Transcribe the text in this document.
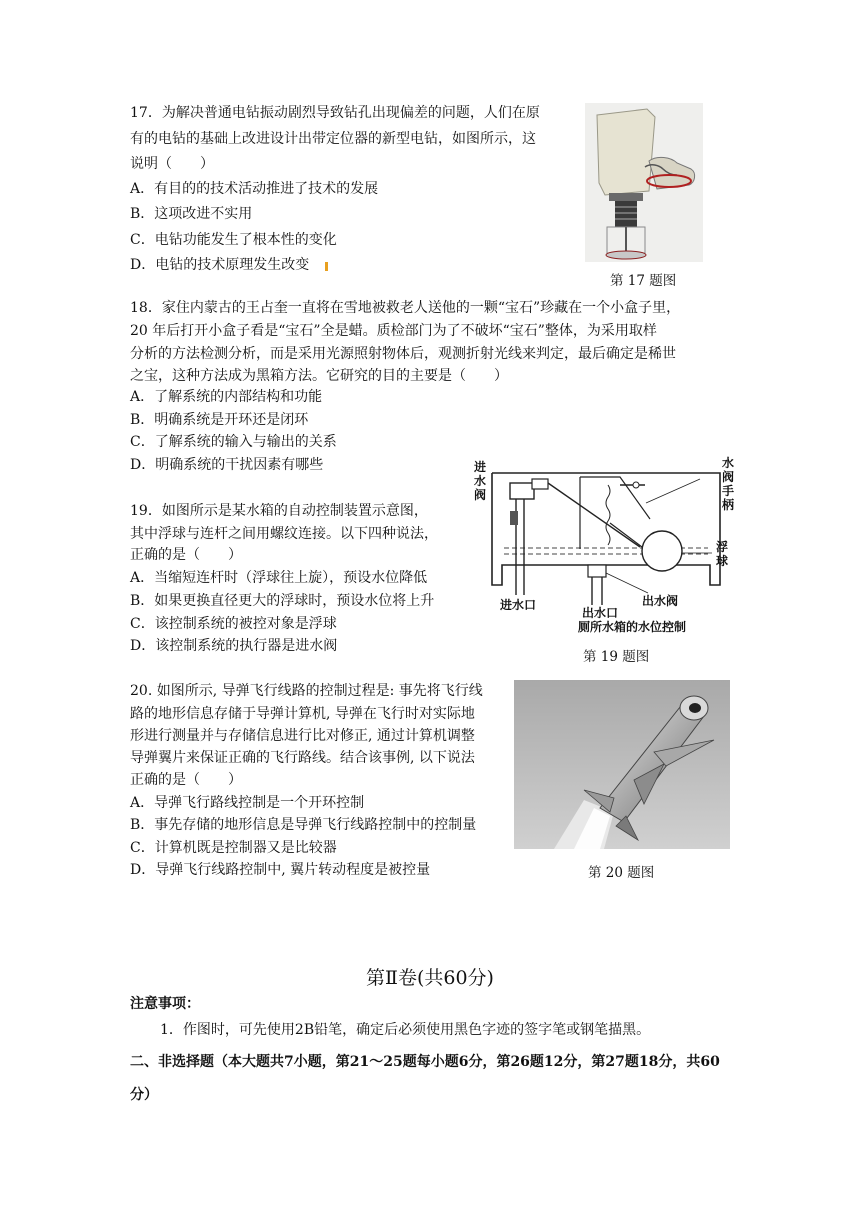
17．为解决普通电钻振动剧烈导致钻孔出现偏差的问题，人们在原
有的电钻的基础上改进设计出带定位器的新型电钻，如图所示，这
说明（　　）
A．有目的的技术活动推进了技术的发展
B．这项改进不实用
C．电钻功能发生了根本性的变化
D．电钻的技术原理发生改变
第 17 题图
18．家住内蒙古的王占奎一直将在雪地被救老人送他的一颗“宝石”珍藏在一个小盒子里，
20 年后打开小盒子看是“宝石”全是蜡。质检部门为了不破坏“宝石”整体，为采用取样
分析的方法检测分析，而是采用光源照射物体后，观测折射光线来判定，最后确定是稀世
之宝，这种方法成为黑箱方法。它研究的目的主要是（　　）
A．了解系统的内部结构和功能
B．明确系统是开环还是闭环
C．了解系统的输入与输出的关系
D．明确系统的干扰因素有哪些
19．如图所示是某水箱的自动控制装置示意图，
其中浮球与连杆之间用螺纹连接。以下四种说法，
正确的是（　　）
A．当缩短连杆时（浮球往上旋），预设水位降低
B．如果更换直径更大的浮球时，预设水位将上升
C．该控制系统的被控对象是浮球
D．该控制系统的执行器是进水阀
进 水 阀
水 阀 手 柄
浮 球
进水口
出水口
出水阀
厕所水箱的水位控制
第 19 题图
20. 如图所示, 导弹飞行线路的控制过程是: 事先将飞行线
路的地形信息存储于导弹计算机, 导弹在飞行时对实际地
形进行测量并与存储信息进行比对修正, 通过计算机调整
导弹翼片来保证正确的飞行路线。结合该事例, 以下说法
正确的是（　　）
A．导弹飞行路线控制是一个开环控制
B．事先存储的地形信息是导弹飞行线路控制中的控制量
C．计算机既是控制器又是比较器
D．导弹飞行线路控制中, 翼片转动程度是被控量	第 20 题图
第Ⅱ卷(共60分)
注意事项：
1．作图时，可先使用2B铅笔，确定后必须使用黑色字迹的签字笔或钢笔描黑。
二、非选择题（本大题共7小题，第21～25题每小题6分，第26题12分，第27题18分，共60
分）
